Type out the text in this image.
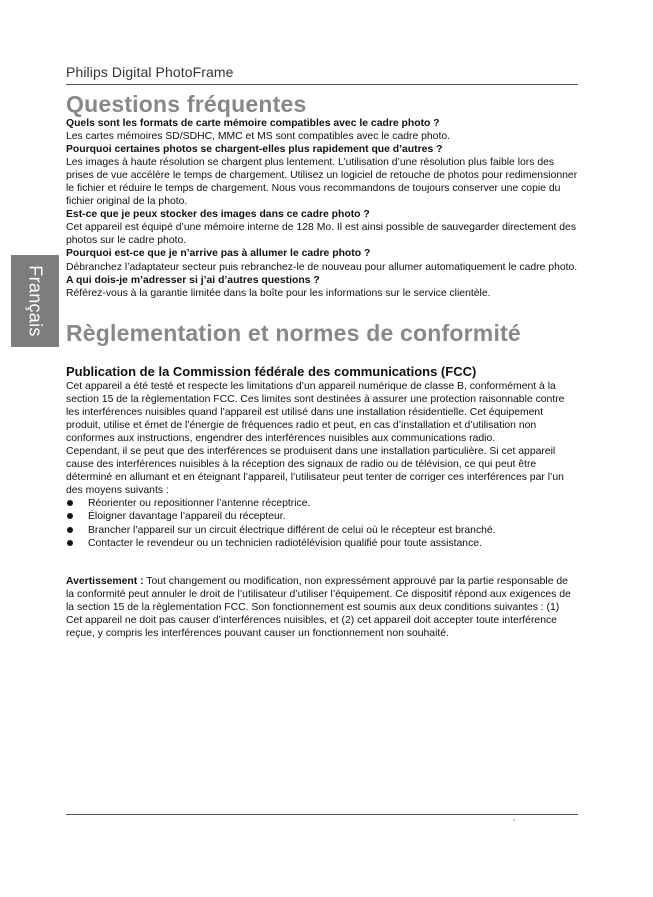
Philips Digital PhotoFrame
Français
Questions fréquentes

Quels sont les formats de carte mémoire compatibles avec le cadre photo ?

Les cartes mémoires SD/SDHC, MMC et MS sont compatibles avec le cadre photo.

Pourquoi certaines photos se chargent-elles plus rapidement que d’autres ?

Les images à haute résolution se chargent plus lentement. L’utilisation d’une résolution plus faible lors des prises de vue accélère le temps de chargement. Utilisez un logiciel de retouche de photos pour redimensionner le fichier et réduire le temps de chargement. Nous vous recommandons de toujours conserver une copie du fichier original de la photo.

Est-ce que je peux stocker des images dans ce cadre photo ?

Cet appareil est équipé d’une mémoire interne de 128 Mo. Il est ainsi possible de sauvegarder directement des photos sur le cadre photo.

Pourquoi est-ce que je n’arrive pas à allumer le cadre photo ?

Débranchez l’adaptateur secteur puis rebranchez-le de nouveau pour allumer automatiquement le cadre photo.

A qui dois-je m’adresser si j’ai d’autres questions ?

Référez-vous à la garantie limitée dans la boîte pour les informations sur le service clientèle.

Règlementation et normes de conformité
Publication de la Commission fédérale des communications (FCC)

Cet appareil a été testé et respecte les limitations d’un appareil numérique de classe B, conformément à la section 15 de la règlementation FCC. Ces limites sont destinées à assurer une protection raisonnable contre les interférences nuisibles quand l’appareil est utilisé dans une installation résidentielle. Cet équipement produit, utilise et émet de l’énergie de fréquences radio et peut, en cas d’installation et d’utilisation non conformes aux instructions, engendrer des interférences nuisibles aux communications radio.

Cependant, il se peut que des interférences se produisent dans une installation particulière. Si cet appareil cause des interférences nuisibles à la réception des signaux de radio ou de télévision, ce qui peut être déterminé en allumant et en éteignant l’appareil, l’utilisateur peut tenter de corriger ces interférences par l’un des moyens suivants :

Réorienter ou repositionner l’antenne réceptrice.
Éloigner davantage l’appareil du récepteur.
Brancher l’appareil sur un circuit électrique différent de celui où le récepteur est branché.
Contacter le revendeur ou un technicien radiotélévision qualifié pour toute assistance.

Avertissement : Tout changement ou modification, non expressément approuvé par la partie responsable de la conformité peut annuler le droit de l’utilisateur d’utiliser l’équipement. Ce dispositif répond aux exigences de la section 15 de la règlementation FCC. Son fonctionnement est soumis aux deux conditions suivantes : (1) Cet appareil ne doit pas causer d’interférences nuisibles, et (2) cet appareil doit accepter toute interférence reçue, y compris les interférences pouvant causer un fonctionnement non souhaité.

‘
